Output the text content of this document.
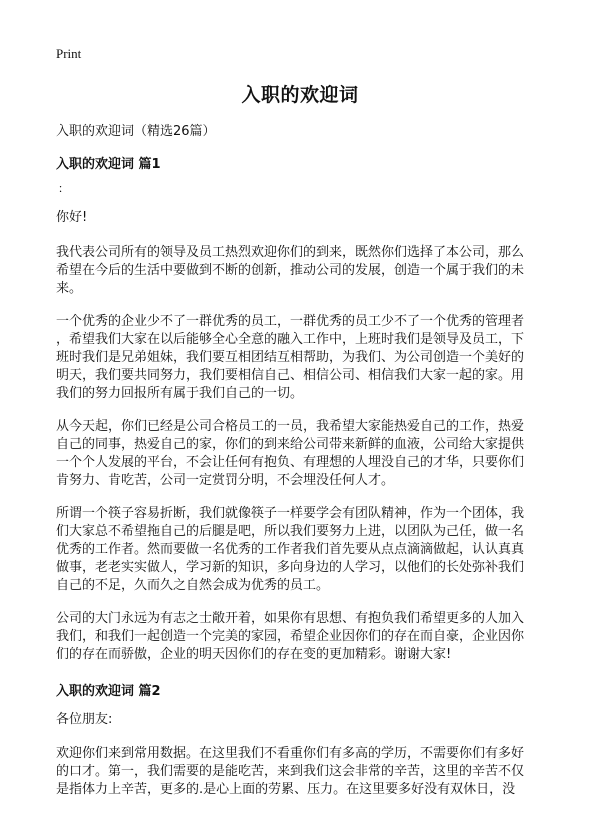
Print
入职的欢迎词
入职的欢迎词（精选26篇）
入职的欢迎词 篇1
：
你好!
我代表公司所有的领导及员工热烈欢迎你们的到来，既然你们选择了本公司，那么
希望在今后的生活中要做到不断的创新，推动公司的发展，创造一个属于我们的未
来。
一个优秀的企业少不了一群优秀的员工，一群优秀的员工少不了一个优秀的管理者
，希望我们大家在以后能够全心全意的融入工作中，上班时我们是领导及员工，下
班时我们是兄弟姐妹，我们要互相团结互相帮助，为我们、为公司创造一个美好的
明天，我们要共同努力，我们要相信自己、相信公司、相信我们大家一起的家。用
我们的努力回报所有属于我们自己的一切。
从今天起，你们已经是公司合格员工的一员，我希望大家能热爱自己的工作，热爱
自己的同事，热爱自己的家，你们的到来给公司带来新鲜的血液，公司给大家提供
一个个人发展的平台，不会让任何有抱负、有理想的人埋没自己的才华，只要你们
肯努力、肯吃苦，公司一定赏罚分明，不会埋没任何人才。
所谓一个筷子容易折断，我们就像筷子一样要学会有团队精神，作为一个团体，我
们大家总不希望拖自己的后腿是吧，所以我们要努力上进，以团队为己任，做一名
优秀的工作者。然而要做一名优秀的工作者我们首先要从点点滴滴做起，认认真真
做事，老老实实做人，学习新的知识，多向身边的人学习，以他们的长处弥补我们
自己的不足，久而久之自然会成为优秀的员工。
公司的大门永远为有志之士敞开着，如果你有思想、有抱负我们希望更多的人加入
我们，和我们一起创造一个完美的家园，希望企业因你们的存在而自豪，企业因你
们的存在而骄傲，企业的明天因你们的存在变的更加精彩。谢谢大家!
入职的欢迎词 篇2
各位朋友:
欢迎你们来到常用数据。在这里我们不看重你们有多高的学历，不需要你们有多好
的口才。第一，我们需要的是能吃苦，来到我们这会非常的辛苦，这里的辛苦不仅
是指体力上辛苦，更多的.是心上面的劳累、压力。在这里要多好没有双休日，没
